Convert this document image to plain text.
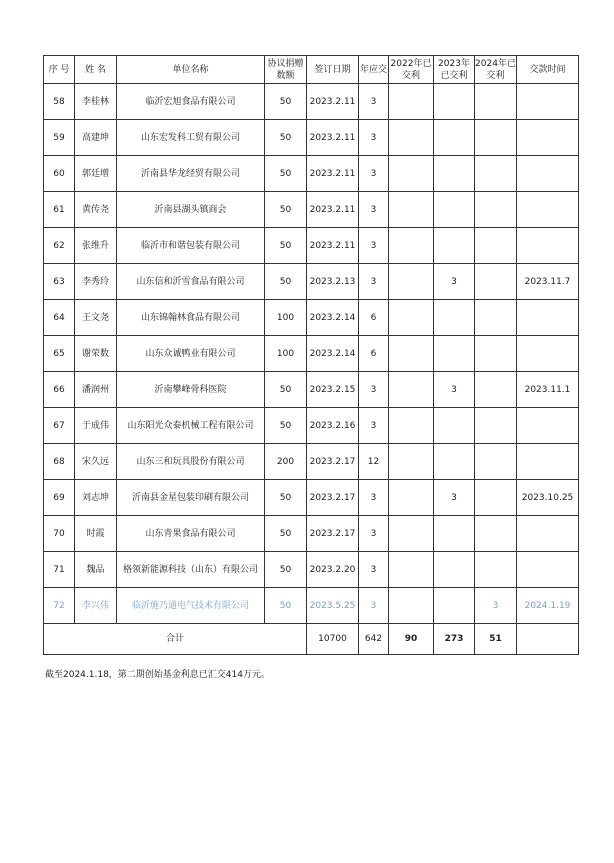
序 号	姓 名	单位名称	协议捐赠数额	签订日期	年应交	2022年已交利	2023年已交利	2024年已交利	交款时间
58	李桂林	临沂宏旭食品有限公司	50	2023.2.11	3				
59	高建坤	山东宏发科工贸有限公司	50	2023.2.11	3				
60	郭廷增	沂南县华龙经贸有限公司	50	2023.2.11	3				
61	黄传尧	沂南县湖头镇商会	50	2023.2.11	3				
62	张维升	临沂市和谐包装有限公司	50	2023.2.11	3				
63	李秀玲	山东信和沂雪食品有限公司	50	2023.2.13	3		3		2023.11.7
64	王文尧	山东锦翰林食品有限公司	100	2023.2.14	6				
65	谢荣数	山东众诚鸭业有限公司	100	2023.2.14	6				
66	潘润州	沂南攀峰骨科医院	50	2023.2.15	3		3		2023.11.1
67	于成伟	山东阳光众泰机械工程有限公司	50	2023.2.16	3				
68	宋久远	山东三和玩具股份有限公司	200	2023.2.17	12				
69	刘志坤	沂南县金星包装印刷有限公司	50	2023.2.17	3		3		2023.10.25
70	时霞	山东青果食品有限公司	50	2023.2.17	3				
71	魏品	格领新能源科技（山东）有限公司	50	2023.2.20	3				
72	李兴伟	临沂施乃通电气技术有限公司	50	2023.5.25	3			3	2024.1.19
合计				10700	642	90	273	51	
截至2024.1.18，第二期创始基金利息已汇交414万元。
